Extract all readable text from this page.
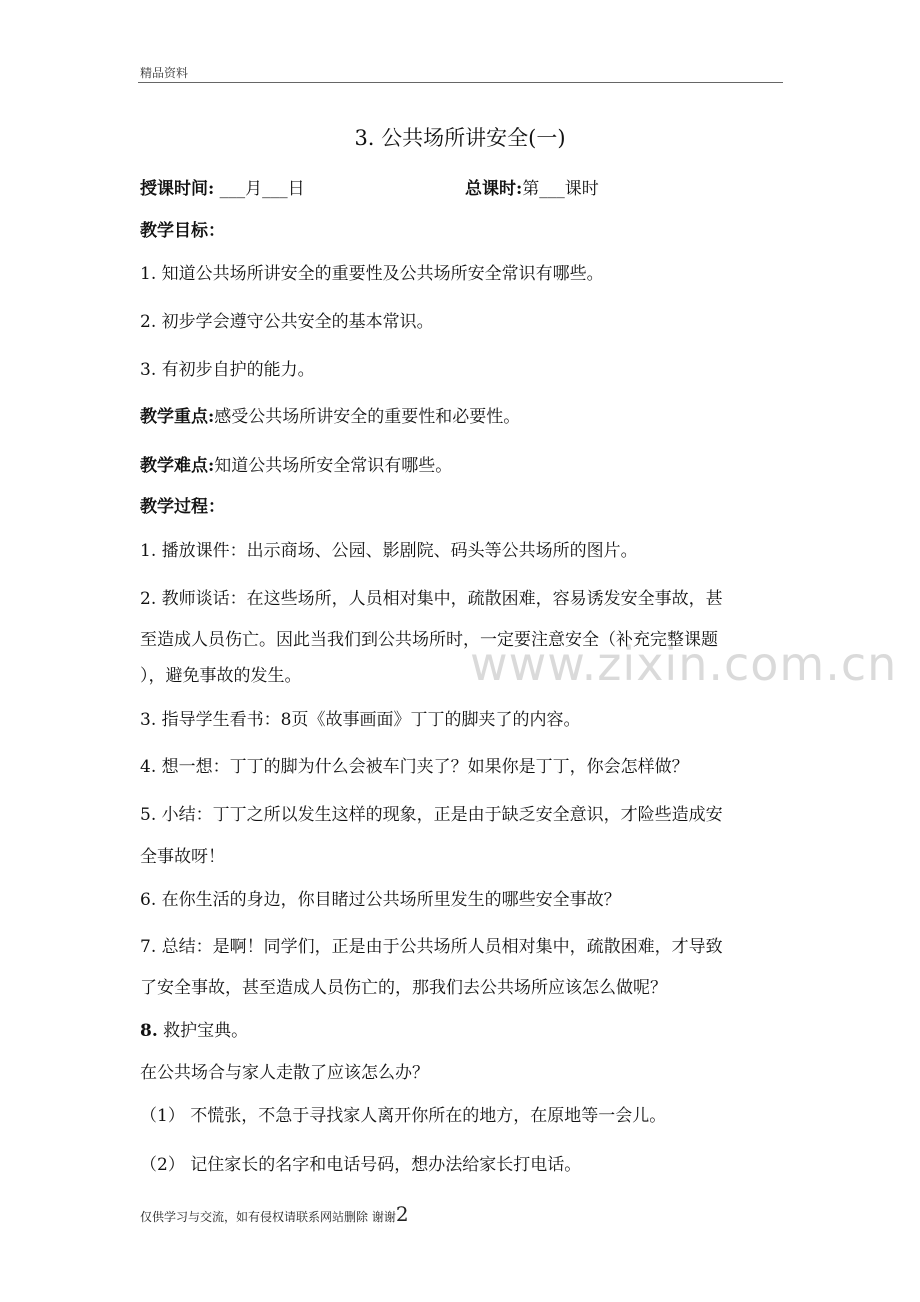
精品资料
3. 公共场所讲安全(一)
授课时间: ___月___日	总课时:第___课时
教学目标：
1. 知道公共场所讲安全的重要性及公共场所安全常识有哪些。
2. 初步学会遵守公共安全的基本常识。
3. 有初步自护的能力。
教学重点:感受公共场所讲安全的重要性和必要性。
教学难点:知道公共场所安全常识有哪些。
教学过程：
1. 播放课件：出示商场、公园、影剧院、码头等公共场所的图片。
2. 教师谈话：在这些场所，人员相对集中，疏散困难，容易诱发安全事故，甚
至造成人员伤亡。因此当我们到公共场所时，一定要注意安全（补充完整课题
），避免事故的发生。
3. 指导学生看书：8页《故事画面》丁丁的脚夹了的内容。
4. 想一想：丁丁的脚为什么会被车门夹了？如果你是丁丁，你会怎样做？
5. 小结：丁丁之所以发生这样的现象，正是由于缺乏安全意识，才险些造成安
全事故呀！
6. 在你生活的身边，你目睹过公共场所里发生的哪些安全事故？
7. 总结：是啊！同学们，正是由于公共场所人员相对集中，疏散困难，才导致
了安全事故，甚至造成人员伤亡的，那我们去公共场所应该怎么做呢？
8. 救护宝典。
在公共场合与家人走散了应该怎么办？
（1） 不慌张，不急于寻找家人离开你所在的地方，在原地等一会儿。
（2） 记住家长的名字和电话号码，想办法给家长打电话。
www.zixin.com.cn
仅供学习与交流，如有侵权请联系网站删除 谢谢2
